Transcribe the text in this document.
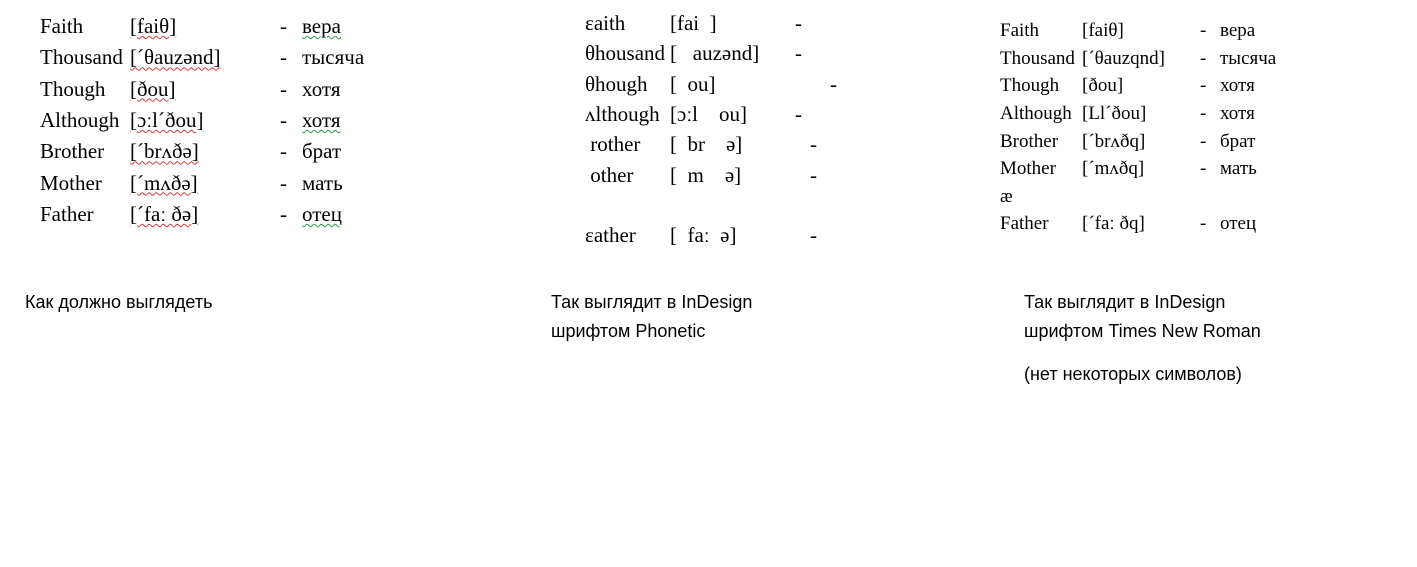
Faith	[faiθ]	- вера
Thousand [ˊθauzənd]	- тысяча
Though	[ðou]	- хотя
Although [ɔːlˊðou]	- хотя
Brother	[ˊbrʌðə]	- брат
Mother	[ˊmʌðə]	- мать
Father	[ˊfaː ðə]	- отец
ɛaith	[fai  ]	-
θhousand [   auzənd]	-
θhough	[  ou]	-
ʌlthough [ɔːl    ou]	-
rother	[  br    ə]	-
other	[  m    ə]	-
ɛather	[  faː  ə]	-
Faith	[faiθ]	- вера
Thousand [ˊθauzqnd]	- тысяча
Though	[ðou]	- хотя
Although [Llˊðou]	- хотя
Brother	[ˊbrʌðq]	- брат
Mother	[ˊmʌðq]	- мать
æ
Father	[ˊfaː ðq]	- отец
Как должно выглядеть	Так выглядит в InDesign
шрифтом Phonetic
Так выглядит в InDesign
шрифтом Times New Roman
(нет некоторых символов)
